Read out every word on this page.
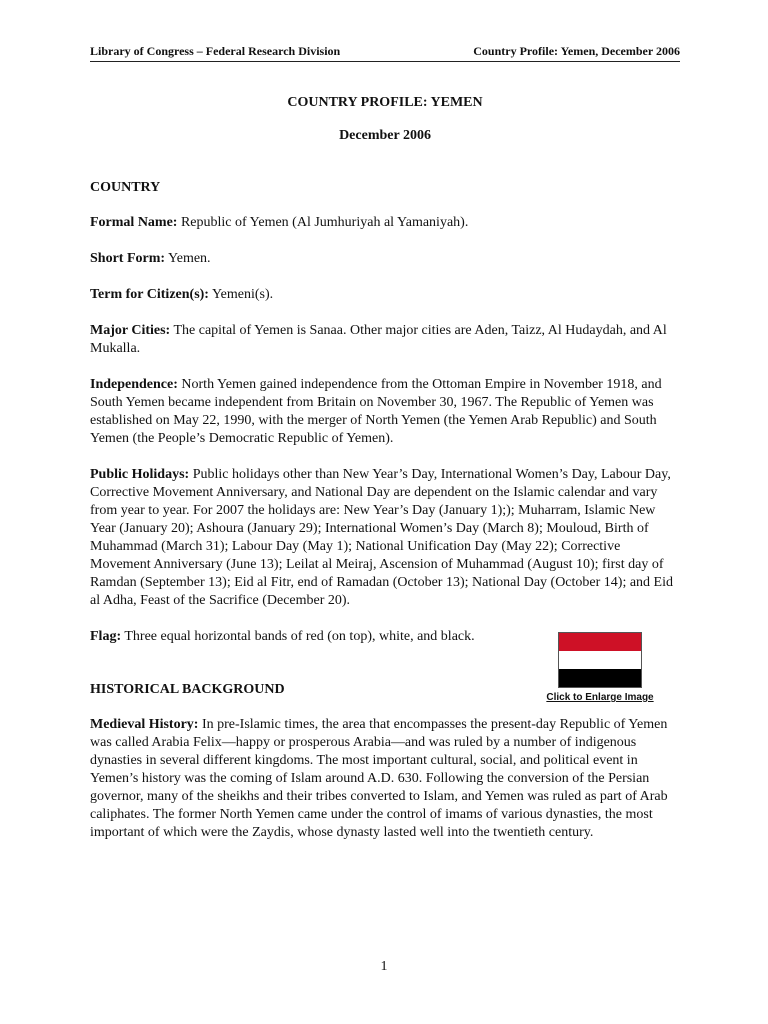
Library of Congress – Federal Research Division	Country Profile: Yemen, December 2006
COUNTRY PROFILE: YEMEN
December 2006
COUNTRY

Formal Name: Republic of Yemen (Al Jumhuriyah al Yamaniyah).

Short Form: Yemen.

Term for Citizen(s): Yemeni(s).

Major Cities: The capital of Yemen is Sanaa. Other major cities are Aden, Taizz, Al Hudaydah, and Al Mukalla.

Independence: North Yemen gained independence from the Ottoman Empire in November 1918, and South Yemen became independent from Britain on November 30, 1967. The Republic of Yemen was established on May 22, 1990, with the merger of North Yemen (the Yemen Arab Republic) and South Yemen (the People’s Democratic Republic of Yemen).

Public Holidays: Public holidays other than New Year’s Day, International Women’s Day, Labour Day, Corrective Movement Anniversary, and National Day are dependent on the Islamic calendar and vary from year to year. For 2007 the holidays are: New Year’s Day (January 1);); Muharram, Islamic New Year (January 20); Ashoura (January 29); International Women’s Day (March 8); Mouloud, Birth of Muhammad (March 31); Labour Day (May 1); National Unification Day (May 22); Corrective Movement Anniversary (June 13); Leilat al Meiraj, Ascension of Muhammad (August 10); first day of Ramdan (September 13); Eid al Fitr, end of Ramadan (October 13); National Day (October 14); and Eid al Adha, Feast of the Sacrifice (December 20).

Flag: Three equal horizontal bands of red (on top), white, and black.

HISTORICAL BACKGROUND

Medieval History: In pre-Islamic times, the area that encompasses the present-day Republic of Yemen was called Arabia Felix—happy or prosperous Arabia—and was ruled by a number of indigenous dynasties in several different kingdoms. The most important cultural, social, and political event in Yemen’s history was the coming of Islam around A.D. 630. Following the conversion of the Persian governor, many of the sheikhs and their tribes converted to Islam, and Yemen was ruled as part of Arab caliphates. The former North Yemen came under the control of imams of various dynasties, the most important of which were the Zaydis, whose dynasty lasted well into the twentieth century.

Click to Enlarge Image
1
